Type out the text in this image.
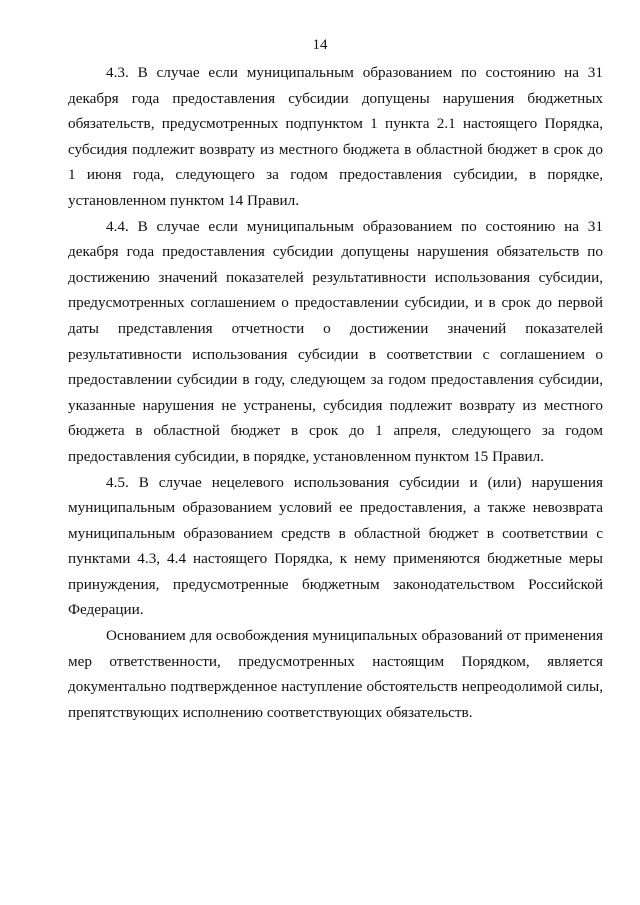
14

4.3. В случае если муниципальным образованием по состоянию на 31 декабря года предоставления субсидии допущены нарушения бюджетных обязательств, предусмотренных подпунктом 1 пункта 2.1 настоящего Порядка, субсидия подлежит возврату из местного бюджета в областной бюджет в срок до 1 июня года, следующего за годом предоставления субсидии, в порядке, установленном пунктом 14 Правил.

4.4. В случае если муниципальным образованием по состоянию на 31 декабря года предоставления субсидии допущены нарушения обязательств по достижению значений показателей результативности использования субсидии, предусмотренных соглашением о предоставлении субсидии, и в срок до первой даты представления отчетности о достижении значений показателей результативности использования субсидии в соответствии с соглашением о предоставлении субсидии в году, следующем за годом предоставления субсидии, указанные нарушения не устранены, субсидия подлежит возврату из местного бюджета в областной бюджет в срок до 1 апреля, следующего за годом предоставления субсидии, в порядке, установленном пунктом 15 Правил.

4.5. В случае нецелевого использования субсидии и (или) нарушения муниципальным образованием условий ее предоставления, а также невозврата муниципальным образованием средств в областной бюджет в соответствии с пунктами 4.3, 4.4 настоящего Порядка, к нему применяются бюджетные меры принуждения, предусмотренные бюджетным законодательством Российской Федерации.

Основанием для освобождения муниципальных образований от применения мер ответственности, предусмотренных настоящим Порядком, является документально подтвержденное наступление обстоятельств непреодолимой силы, препятствующих исполнению соответствующих обязательств.
